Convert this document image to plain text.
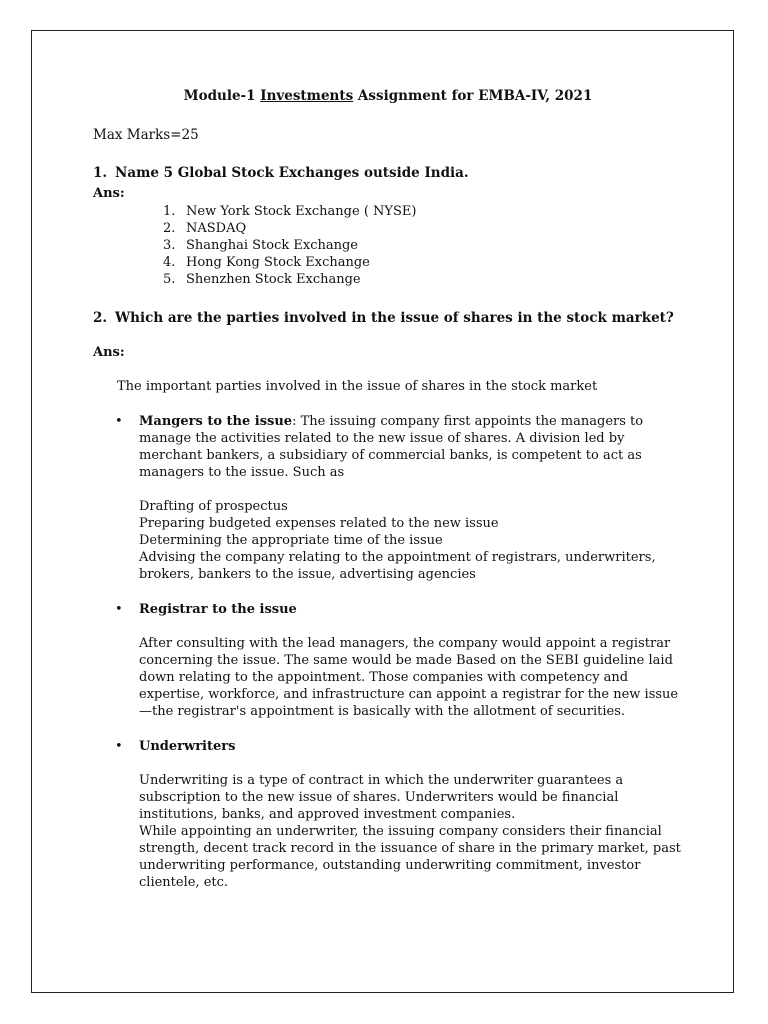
Module-1 Investments Assignment for EMBA-IV, 2021

Max Marks=25

1. Name 5 Global Stock Exchanges outside India.

Ans:

1. New York Stock Exchange ( NYSE)
2. NASDAQ
3. Shanghai Stock Exchange
4. Hong Kong Stock Exchange
5. Shenzhen Stock Exchange

2. Which are the parties involved in the issue of shares in the stock market?

Ans:

The important parties involved in the issue of shares in the stock market

•	Mangers to the issue: The issuing company first appoints the managers to
manage the activities related to the new issue of shares. A division led by
merchant bankers, a subsidiary of commercial banks, is competent to act as
managers to the issue. Such as
Drafting of prospectus
Preparing budgeted expenses related to the new issue
Determining the appropriate time of the issue
Advising the company relating to the appointment of registrars, underwriters,
brokers, bankers to the issue, advertising agencies
•	Registrar to the issue
After consulting with the lead managers, the company would appoint a registrar
concerning the issue. The same would be made Based on the SEBI guideline laid
down relating to the appointment. Those companies with competency and
expertise, workforce, and infrastructure can appoint a registrar for the new issue
—the registrar's appointment is basically with the allotment of securities.
•	Underwriters
Underwriting is a type of contract in which the underwriter guarantees a
subscription to the new issue of shares. Underwriters would be financial
institutions, banks, and approved investment companies.
While appointing an underwriter, the issuing company considers their financial
strength, decent track record in the issuance of share in the primary market, past
underwriting performance, outstanding underwriting commitment, investor
clientele, etc.
